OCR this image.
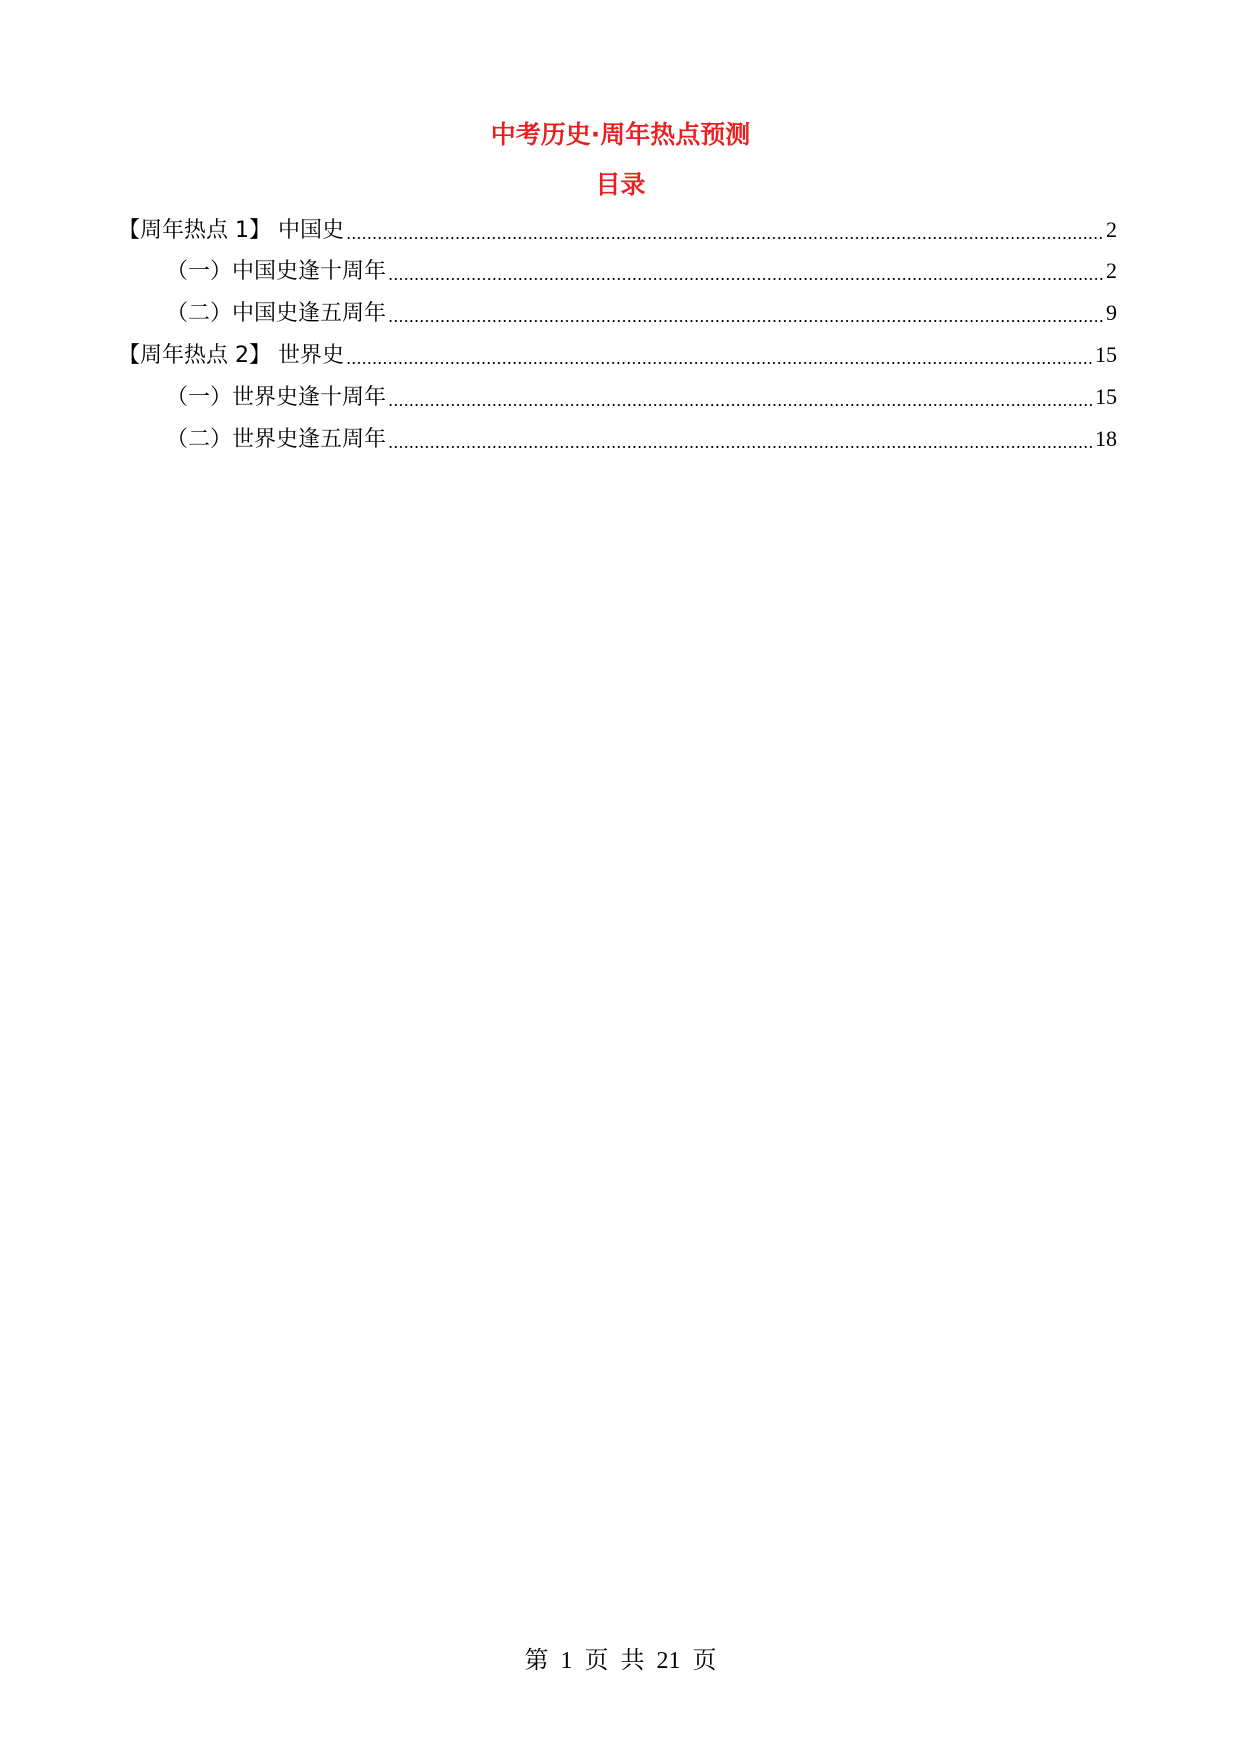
中考历史·周年热点预测
目录
【周年热点 1】 中国史	2
（一）中国史逢十周年	2
（二）中国史逢五周年	9
【周年热点 2】 世界史	15
（一）世界史逢十周年	15
（二）世界史逢五周年	18
第 1 页 共 21 页
